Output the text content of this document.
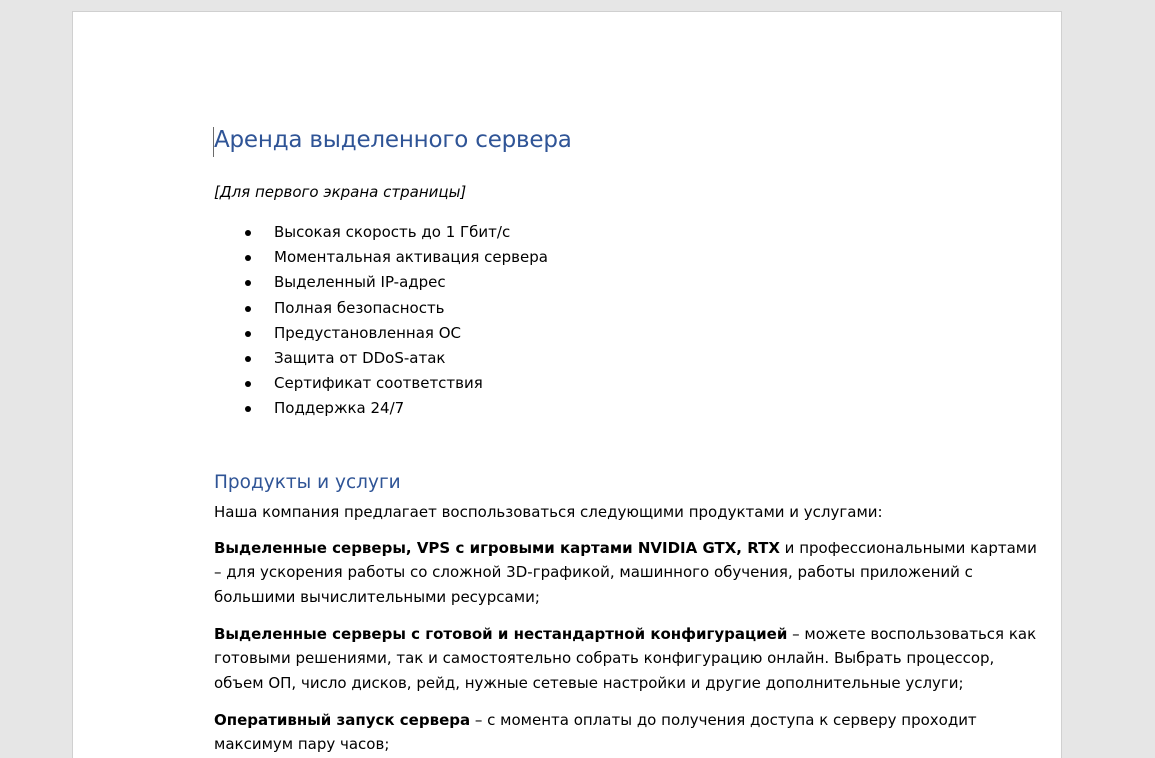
Аренда выделенного сервера

[Для первого экрана страницы]

Высокая скорость до 1 Гбит/с
Моментальная активация сервера
Выделенный IP-адрес
Полная безопасность
Предустановленная ОС
Защита от DDoS-атак
Сертификат соответствия
Поддержка 24/7
Продукты и услуги

Наша компания предлагает воспользоваться следующими продуктами и услугами:

Выделенные серверы, VPS с игровыми картами NVIDIA GTX, RTX и профессиональными картами
– для ускорения работы со сложной 3D-графикой, машинного обучения, работы приложений с
большими вычислительными ресурсами;

Выделенные серверы с готовой и нестандартной конфигурацией – можете воспользоваться как
готовыми решениями, так и самостоятельно собрать конфигурацию онлайн. Выбрать процессор,
объем ОП, число дисков, рейд, нужные сетевые настройки и другие дополнительные услуги;

Оперативный запуск сервера – с момента оплаты до получения доступа к серверу проходит
максимум пару часов;
